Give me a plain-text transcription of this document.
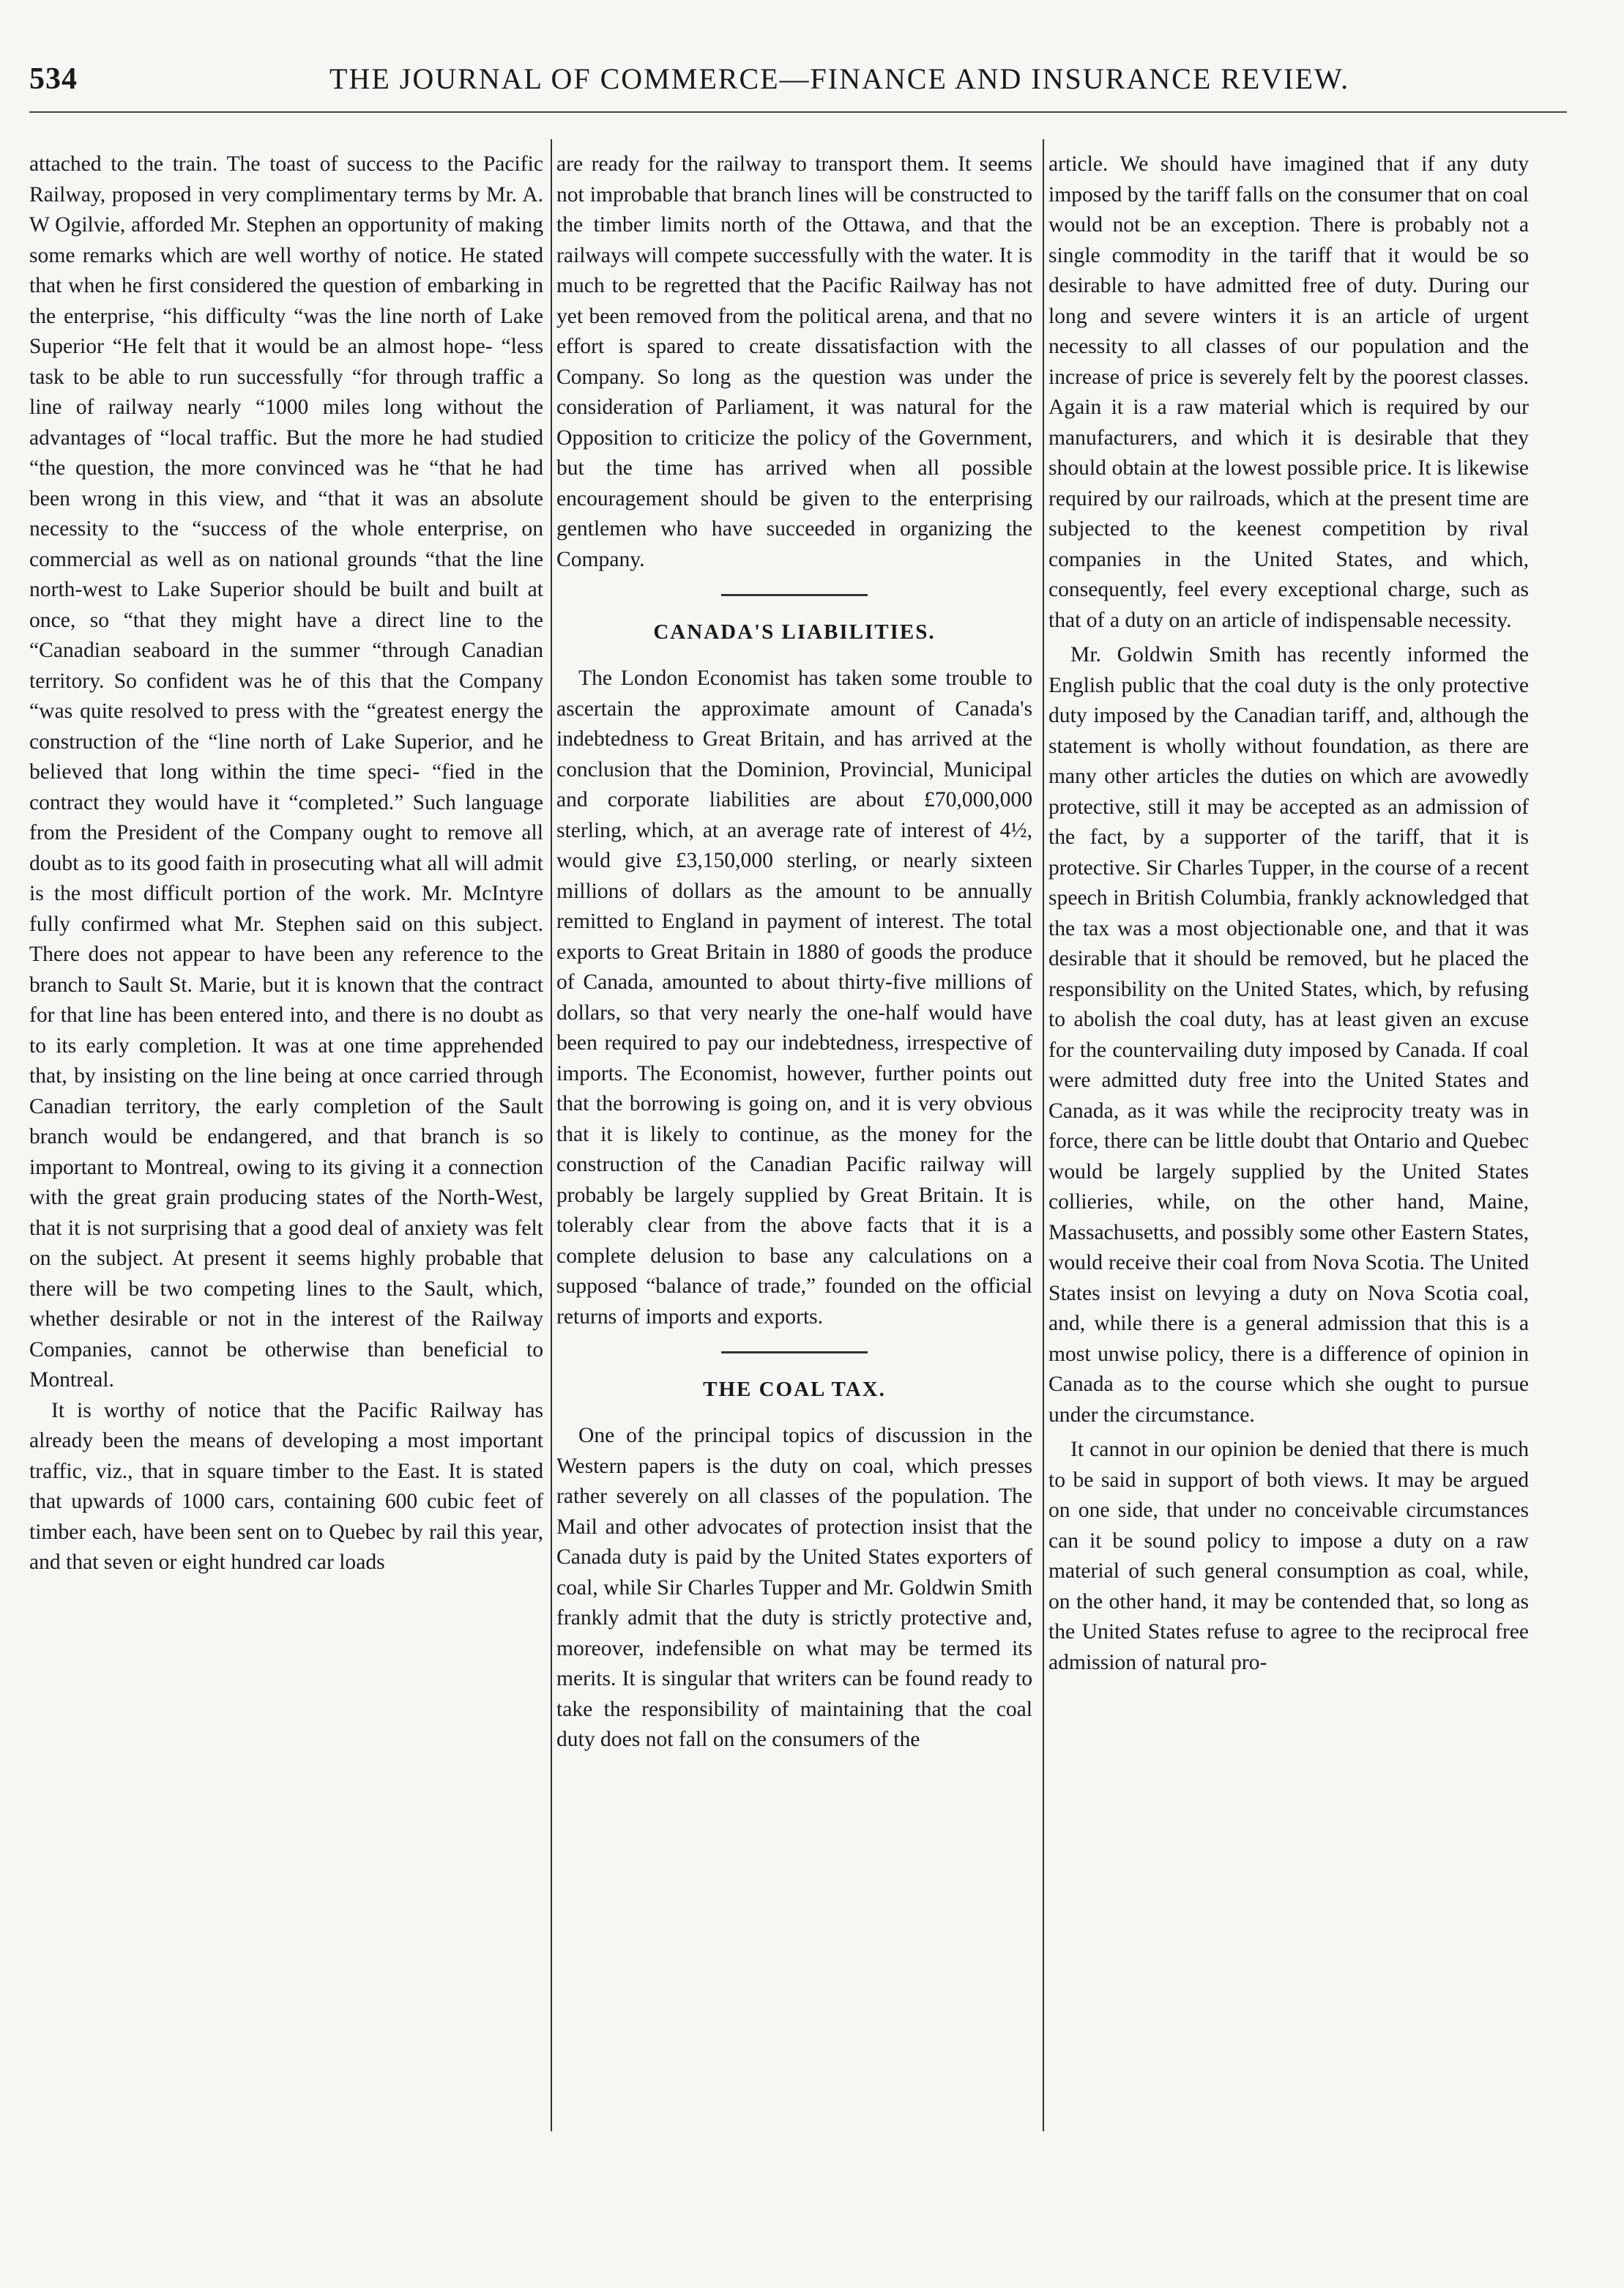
534	THE JOURNAL OF COMMERCE—FINANCE AND INSURANCE REVIEW.

attached to the train. The toast of success to the Pacific Railway, proposed in very complimentary terms by Mr. A. W Ogilvie, afforded Mr. Stephen an opportunity of making some remarks which are well worthy of notice. He stated that when he first considered the question of embarking in the enterprise, “his difficulty “was the line north of Lake Superior “He felt that it would be an almost hope- “less task to be able to run successfully “for through traffic a line of railway nearly “1000 miles long without the advantages of “local traffic. But the more he had studied “the question, the more convinced was he “that he had been wrong in this view, and “that it was an absolute necessity to the “success of the whole enterprise, on commercial as well as on national grounds “that the line north-west to Lake Superior should be built and built at once, so “that they might have a direct line to the “Canadian seaboard in the summer “through Canadian territory. So confident was he of this that the Company “was quite resolved to press with the “greatest energy the construction of the “line north of Lake Superior, and he believed that long within the time speci- “fied in the contract they would have it “completed.” Such language from the President of the Company ought to remove all doubt as to its good faith in prosecuting what all will admit is the most difficult portion of the work. Mr. McIntyre fully confirmed what Mr. Stephen said on this subject. There does not appear to have been any reference to the branch to Sault St. Marie, but it is known that the contract for that line has been entered into, and there is no doubt as to its early completion. It was at one time apprehended that, by insisting on the line being at once carried through Canadian territory, the early completion of the Sault branch would be endangered, and that branch is so important to Montreal, owing to its giving it a connection with the great grain producing states of the North-West, that it is not surprising that a good deal of anxiety was felt on the subject. At present it seems highly probable that there will be two competing lines to the Sault, which, whether desirable or not in the interest of the Railway Companies, cannot be otherwise than beneficial to Montreal.

It is worthy of notice that the Pacific Railway has already been the means of developing a most important traffic, viz., that in square timber to the East. It is stated that upwards of 1000 cars, containing 600 cubic feet of timber each, have been sent on to Quebec by rail this year, and that seven or eight hundred car loads

are ready for the railway to transport them. It seems not improbable that branch lines will be constructed to the timber limits north of the Ottawa, and that the railways will compete successfully with the water. It is much to be regretted that the Pacific Railway has not yet been removed from the political arena, and that no effort is spared to create dissatisfaction with the Company. So long as the question was under the consideration of Parliament, it was natural for the Opposition to criticize the policy of the Government, but the time has arrived when all possible encouragement should be given to the enterprising gentlemen who have succeeded in organizing the Company.

CANADA'S LIABILITIES.

The London Economist has taken some trouble to ascertain the approximate amount of Canada's indebtedness to Great Britain, and has arrived at the conclusion that the Dominion, Provincial, Municipal and corporate liabilities are about £70,000,000 sterling, which, at an average rate of interest of 4½, would give £3,150,000 sterling, or nearly sixteen millions of dollars as the amount to be annually remitted to England in payment of interest. The total exports to Great Britain in 1880 of goods the produce of Canada, amounted to about thirty-five millions of dollars, so that very nearly the one-half would have been required to pay our indebtedness, irrespective of imports. The Economist, however, further points out that the borrowing is going on, and it is very obvious that it is likely to continue, as the money for the construction of the Canadian Pacific railway will probably be largely supplied by Great Britain. It is tolerably clear from the above facts that it is a complete delusion to base any calculations on a supposed “balance of trade,” founded on the official returns of imports and exports.

THE COAL TAX.

One of the principal topics of discussion in the Western papers is the duty on coal, which presses rather severely on all classes of the population. The Mail and other advocates of protection insist that the Canada duty is paid by the United States exporters of coal, while Sir Charles Tupper and Mr. Goldwin Smith frankly admit that the duty is strictly protective and, moreover, indefensible on what may be termed its merits. It is singular that writers can be found ready to take the responsibility of maintaining that the coal duty does not fall on the consumers of the

article. We should have imagined that if any duty imposed by the tariff falls on the consumer that on coal would not be an exception. There is probably not a single commodity in the tariff that it would be so desirable to have admitted free of duty. During our long and severe winters it is an article of urgent necessity to all classes of our population and the increase of price is severely felt by the poorest classes. Again it is a raw material which is required by our manufacturers, and which it is desirable that they should obtain at the lowest possible price. It is likewise required by our railroads, which at the present time are subjected to the keenest competition by rival companies in the United States, and which, consequently, feel every exceptional charge, such as that of a duty on an article of indispensable necessity.

Mr. Goldwin Smith has recently informed the English public that the coal duty is the only protective duty imposed by the Canadian tariff, and, although the statement is wholly without foundation, as there are many other articles the duties on which are avowedly protective, still it may be accepted as an admission of the fact, by a supporter of the tariff, that it is protective. Sir Charles Tupper, in the course of a recent speech in British Columbia, frankly acknowledged that the tax was a most objectionable one, and that it was desirable that it should be removed, but he placed the responsibility on the United States, which, by refusing to abolish the coal duty, has at least given an excuse for the countervailing duty imposed by Canada. If coal were admitted duty free into the United States and Canada, as it was while the reciprocity treaty was in force, there can be little doubt that Ontario and Quebec would be largely supplied by the United States collieries, while, on the other hand, Maine, Massachusetts, and possibly some other Eastern States, would receive their coal from Nova Scotia. The United States insist on levying a duty on Nova Scotia coal, and, while there is a general admission that this is a most unwise policy, there is a difference of opinion in Canada as to the course which she ought to pursue under the circumstance.

It cannot in our opinion be denied that there is much to be said in support of both views. It may be argued on one side, that under no conceivable circumstances can it be sound policy to impose a duty on a raw material of such general consumption as coal, while, on the other hand, it may be contended that, so long as the United States refuse to agree to the reciprocal free admission of natural pro-
